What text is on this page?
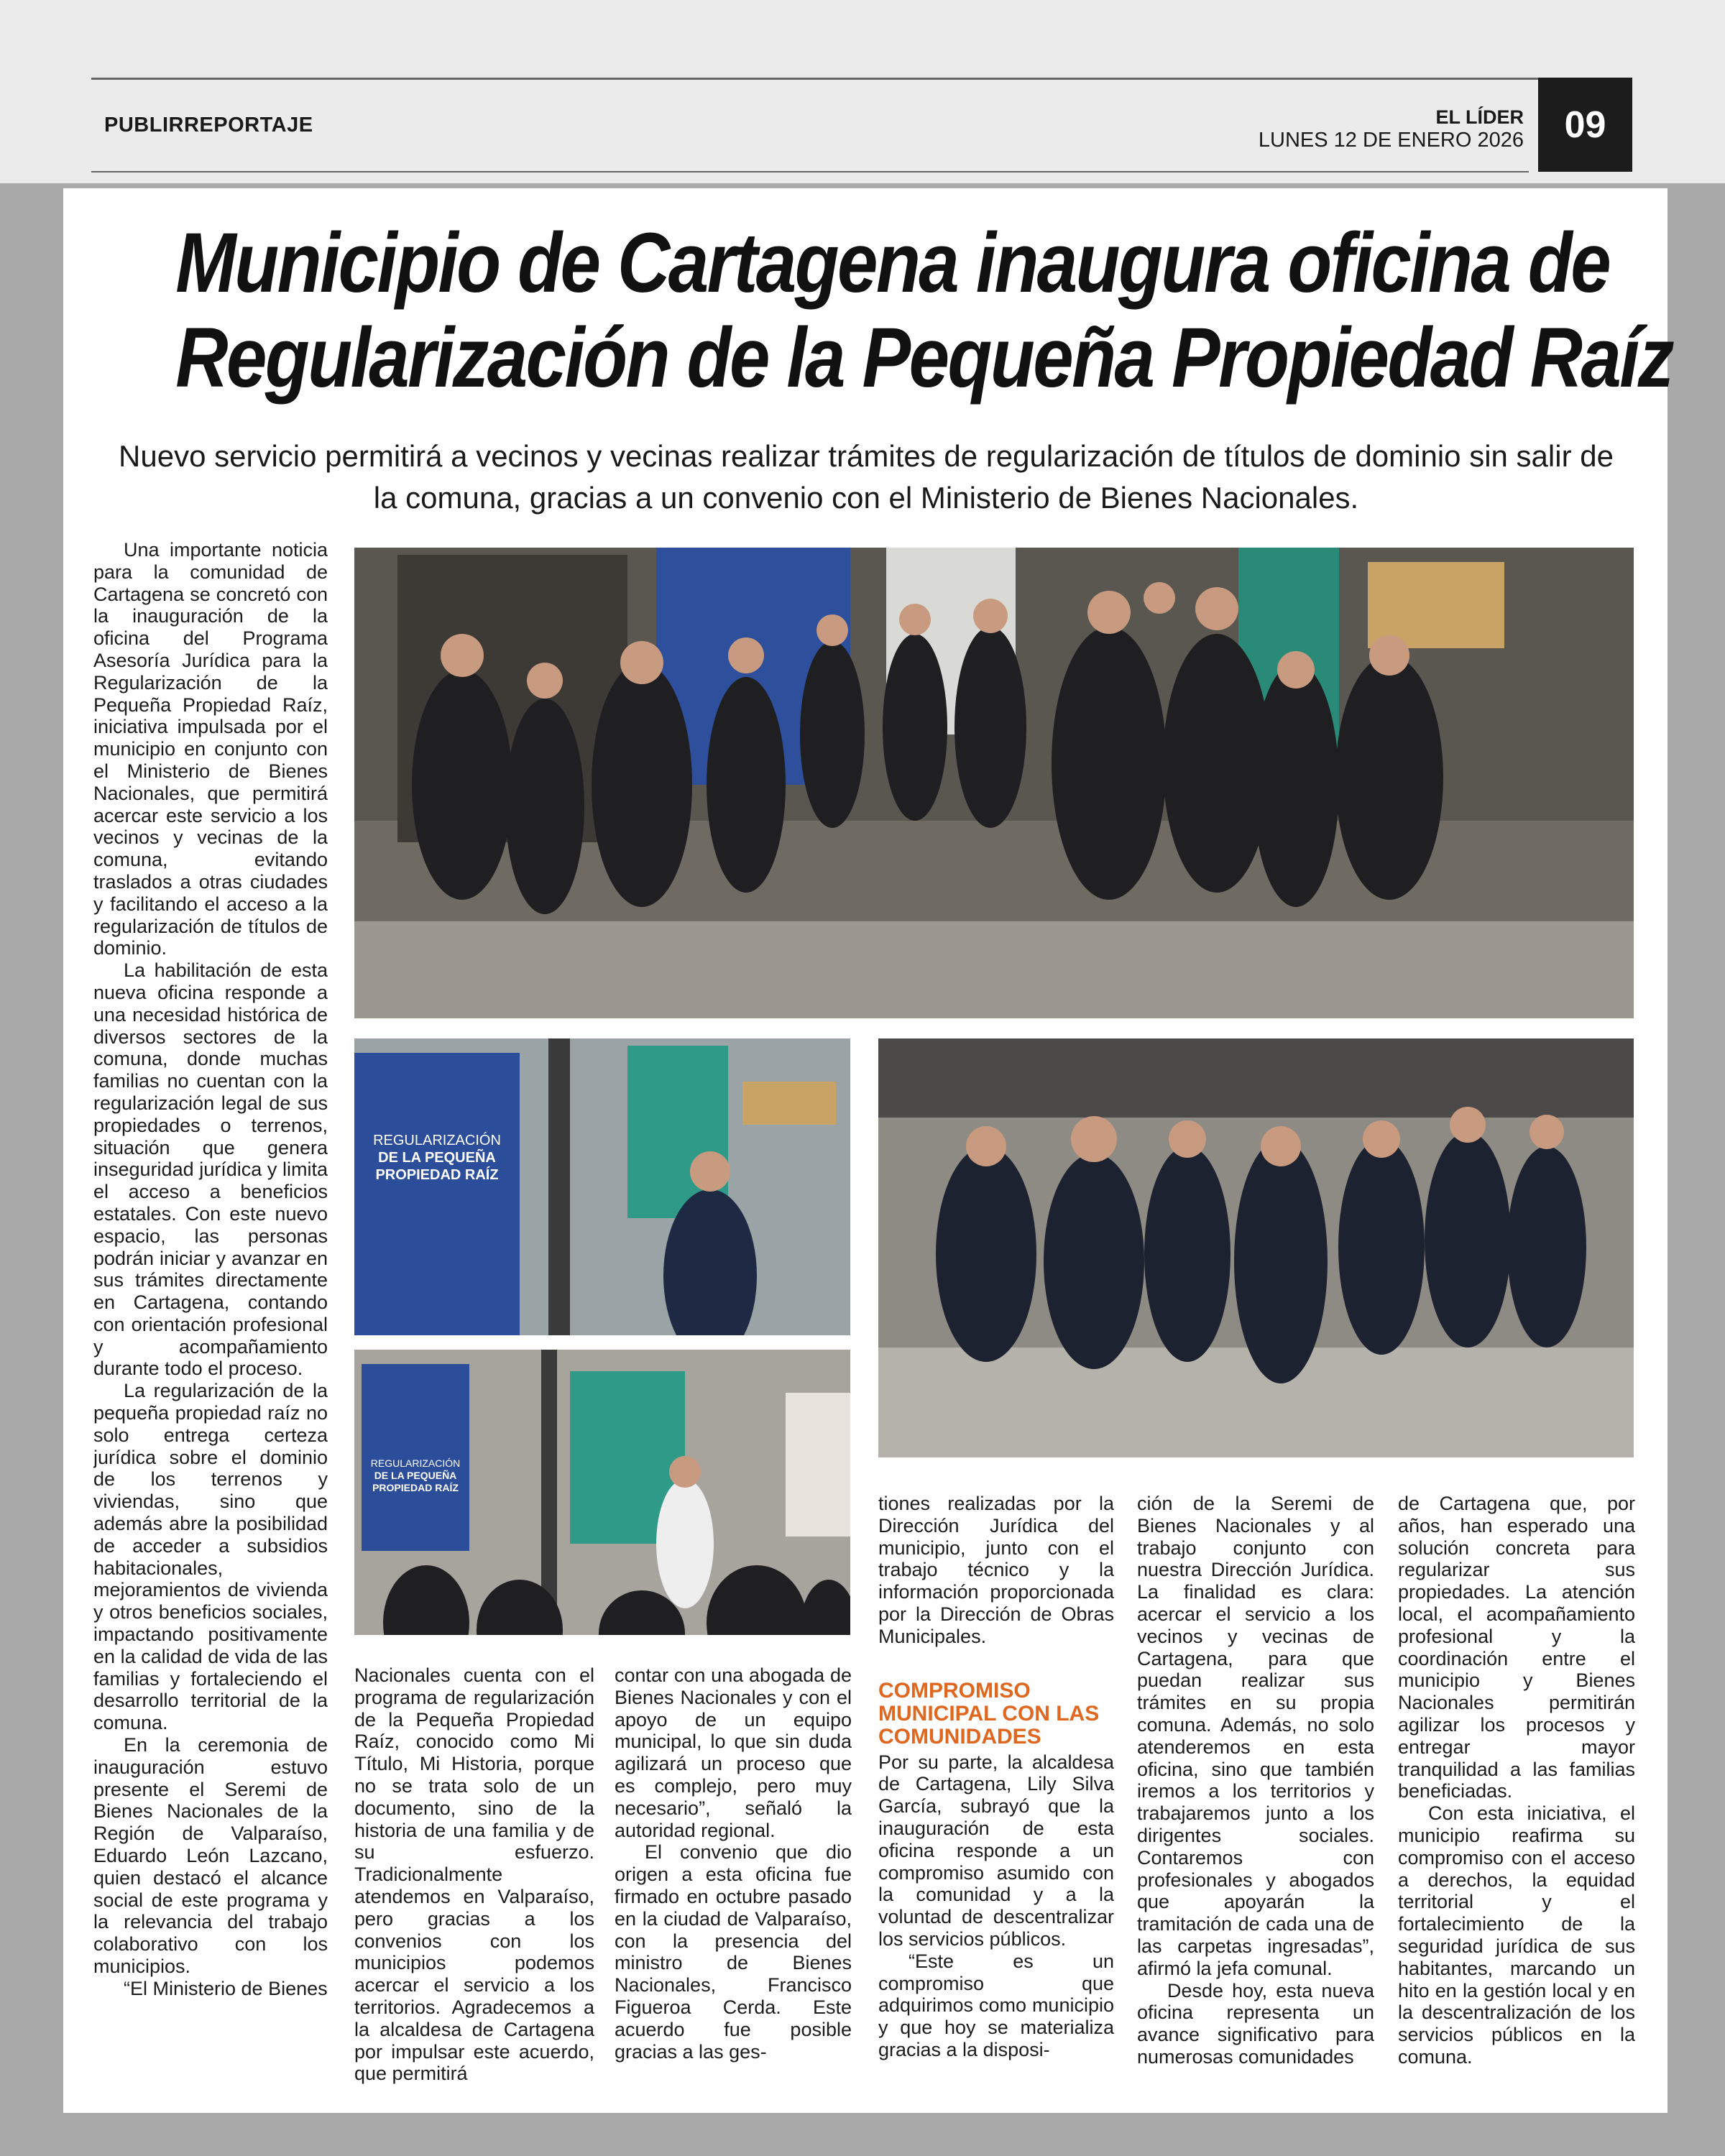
PUBLIRREPORTAJE	EL LÍDER
LUNES 12 DE ENERO 2026	09
Municipio de Cartagena inaugura oficina de
Regularización de la Pequeña Propiedad Raíz
Nuevo servicio permitirá a vecinos y vecinas realizar trámites de regularización de títulos de dominio sin salir de
la comuna, gracias a un convenio con el Ministerio de Bienes Nacionales.
REGULARIZACIÓN
DE LA PEQUEÑA
PROPIEDAD RAÍZ
REGULARIZACIÓN
DE LA PEQUEÑA
PROPIEDAD RAÍZ

Una importante noticia para la comunidad de Cartagena se concretó con la inauguración de la oficina del Programa Asesoría Jurídica para la Regularización de la Pequeña Propiedad Raíz, iniciativa impulsada por el municipio en conjunto con el Ministerio de Bienes Nacionales, que permitirá acercar este servicio a los vecinos y vecinas de la comuna, evitando traslados a otras ciudades y facilitando el acceso a la regularización de títulos de dominio.

La habilitación de esta nueva oficina responde a una necesidad histórica de diversos sectores de la comuna, donde muchas familias no cuentan con la regularización legal de sus propiedades o terrenos, situación que genera inseguridad jurídica y limita el acceso a beneficios estatales. Con este nuevo espacio, las personas podrán iniciar y avanzar en sus trámites directamente en Cartagena, contando con orientación profesional y acompañamiento durante todo el proceso.

La regularización de la pequeña propiedad raíz no solo entrega certeza jurídica sobre el dominio de los terrenos y viviendas, sino que además abre la posibilidad de acceder a subsidios habitacionales, mejoramientos de vivienda y otros beneficios sociales, impactando positivamente en la calidad de vida de las familias y fortaleciendo el desarrollo territorial de la comuna.

En la ceremonia de inauguración estuvo presente el Seremi de Bienes Nacionales de la Región de Valparaíso, Eduardo León Lazcano, quien destacó el alcance social de este programa y la relevancia del trabajo colaborativo con los municipios.

“El Ministerio de Bienes

Nacionales cuenta con el programa de regularización de la Pequeña Propiedad Raíz, conocido como Mi Título, Mi Historia, porque no se trata solo de un documento, sino de la historia de una familia y de su esfuerzo. Tradicionalmente atendemos en Valparaíso, pero gracias a los convenios con los municipios podemos acercar el servicio a los territorios. Agradecemos a la alcaldesa de Cartagena por impulsar este acuerdo, que permitirá

contar con una abogada de Bienes Nacionales y con el apoyo de un equipo municipal, lo que sin duda agilizará un proceso que es complejo, pero muy necesario”, señaló la autoridad regional.

El convenio que dio origen a esta oficina fue firmado en octubre pasado en la ciudad de Valparaíso, con la presencia del ministro de Bienes Nacionales, Francisco Figueroa Cerda. Este acuerdo fue posible gracias a las ges-

tiones realizadas por la Dirección Jurídica del municipio, junto con el trabajo técnico y la información proporcionada por la Dirección de Obras Municipales.

COMPROMISO MUNICIPAL CON LAS COMUNIDADES

Por su parte, la alcaldesa de Cartagena, Lily Silva García, subrayó que la inauguración de esta oficina responde a un compromiso asumido con la comunidad y a la voluntad de descentralizar los servicios públicos.

“Este es un compromiso que adquirimos como municipio y que hoy se materializa gracias a la disposi-

ción de la Seremi de Bienes Nacionales y al trabajo conjunto con nuestra Dirección Jurídica. La finalidad es clara: acercar el servicio a los vecinos y vecinas de Cartagena, para que puedan realizar sus trámites en su propia comuna. Además, no solo atenderemos en esta oficina, sino que también iremos a los territorios y trabajaremos junto a los dirigentes sociales. Contaremos con profesionales y abogados que apoyarán la tramitación de cada una de las carpetas ingresadas”, afirmó la jefa comunal.

Desde hoy, esta nueva oficina representa un avance significativo para numerosas comunidades

de Cartagena que, por años, han esperado una solución concreta para regularizar sus propiedades. La atención local, el acompañamiento profesional y la coordinación entre el municipio y Bienes Nacionales permitirán agilizar los procesos y entregar mayor tranquilidad a las familias beneficiadas.

Con esta iniciativa, el municipio reafirma su compromiso con el acceso a derechos, la equidad territorial y el fortalecimiento de la seguridad jurídica de sus habitantes, marcando un hito en la gestión local y en la descentralización de los servicios públicos en la comuna.
